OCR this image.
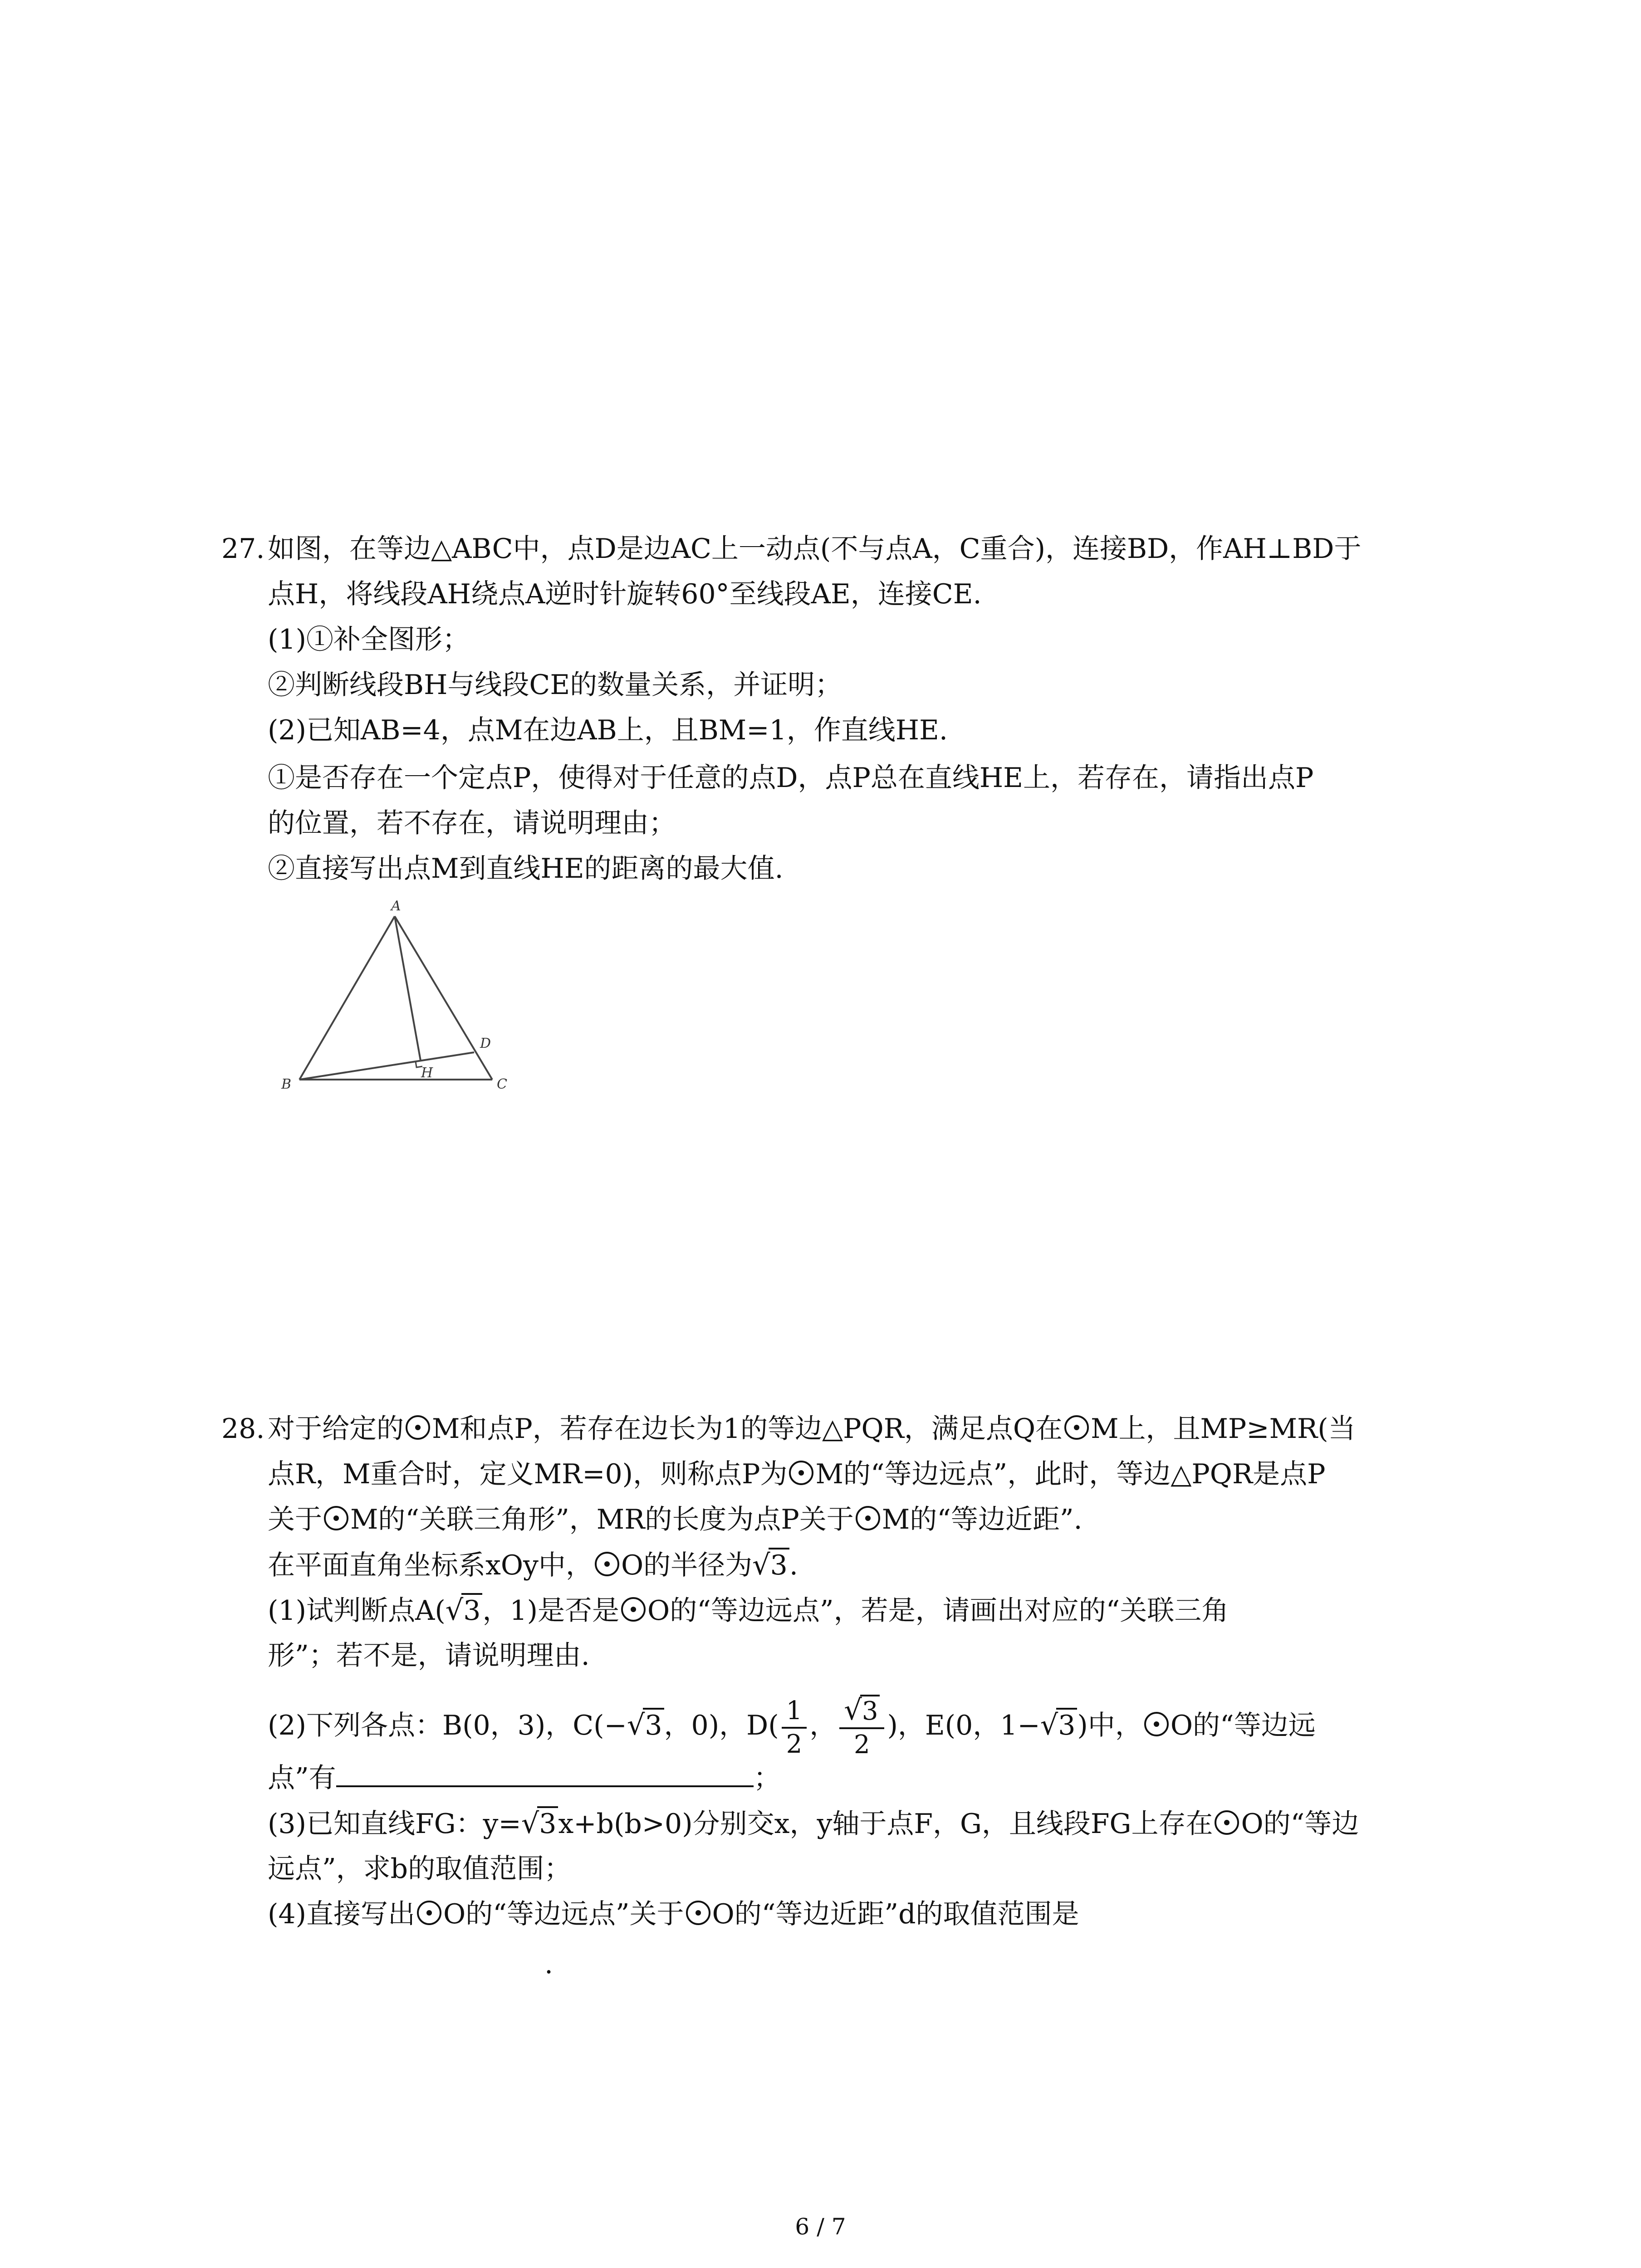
27. 如图，在等边△ABC中，点D是边AC上一动点(不与点A，C重合)，连接BD，作AH⊥BD于
点H，将线段AH绕点A逆时针旋转60°至线段AE，连接CE.
(1)①补全图形；
②判断线段BH与线段CE的数量关系，并证明；
(2)已知AB=4，点M在边AB上，且BM=1，作直线HE.
①是否存在一个定点P，使得对于任意的点D，点P总在直线HE上，若存在，请指出点P
的位置，若不存在，请说明理由；
②直接写出点M到直线HE的距离的最大值.
A
B	C
D
H
28. 对于给定的 M和点P，若存在边长为1的等边△PQR，满足点Q在 M上，且MP≥MR(当
点R，M重合时，定义MR=0)，则称点P为 M的“等边远点”，此时，等边△PQR是点P
关于 M的“关联三角形”，MR的长度为点P关于 M的“等边近距”.
在平面直角坐标系xOy中， O的半径为√3.
(1)试判断点A(√3，1)是否是 O的“等边远点”，若是，请画出对应的“关联三角
形”；若不是，请说明理由.
(2)下列各点：B(0，3)，C(−√3，0)，$D( \frac{1}{2}$ ， $\frac{√3}{2}$ )，E(0，1−√3)中， O的“等边远
点”有	；
(3)已知直线FG：y=√3x+b(b>0)分别交x，y轴于点F，G，且线段FG上存在 O的“等边
远点”，求b的取值范围；
(4)直接写出 O的“等边远点”关于 O的“等边近距”d的取值范围是
.
6 / 7
